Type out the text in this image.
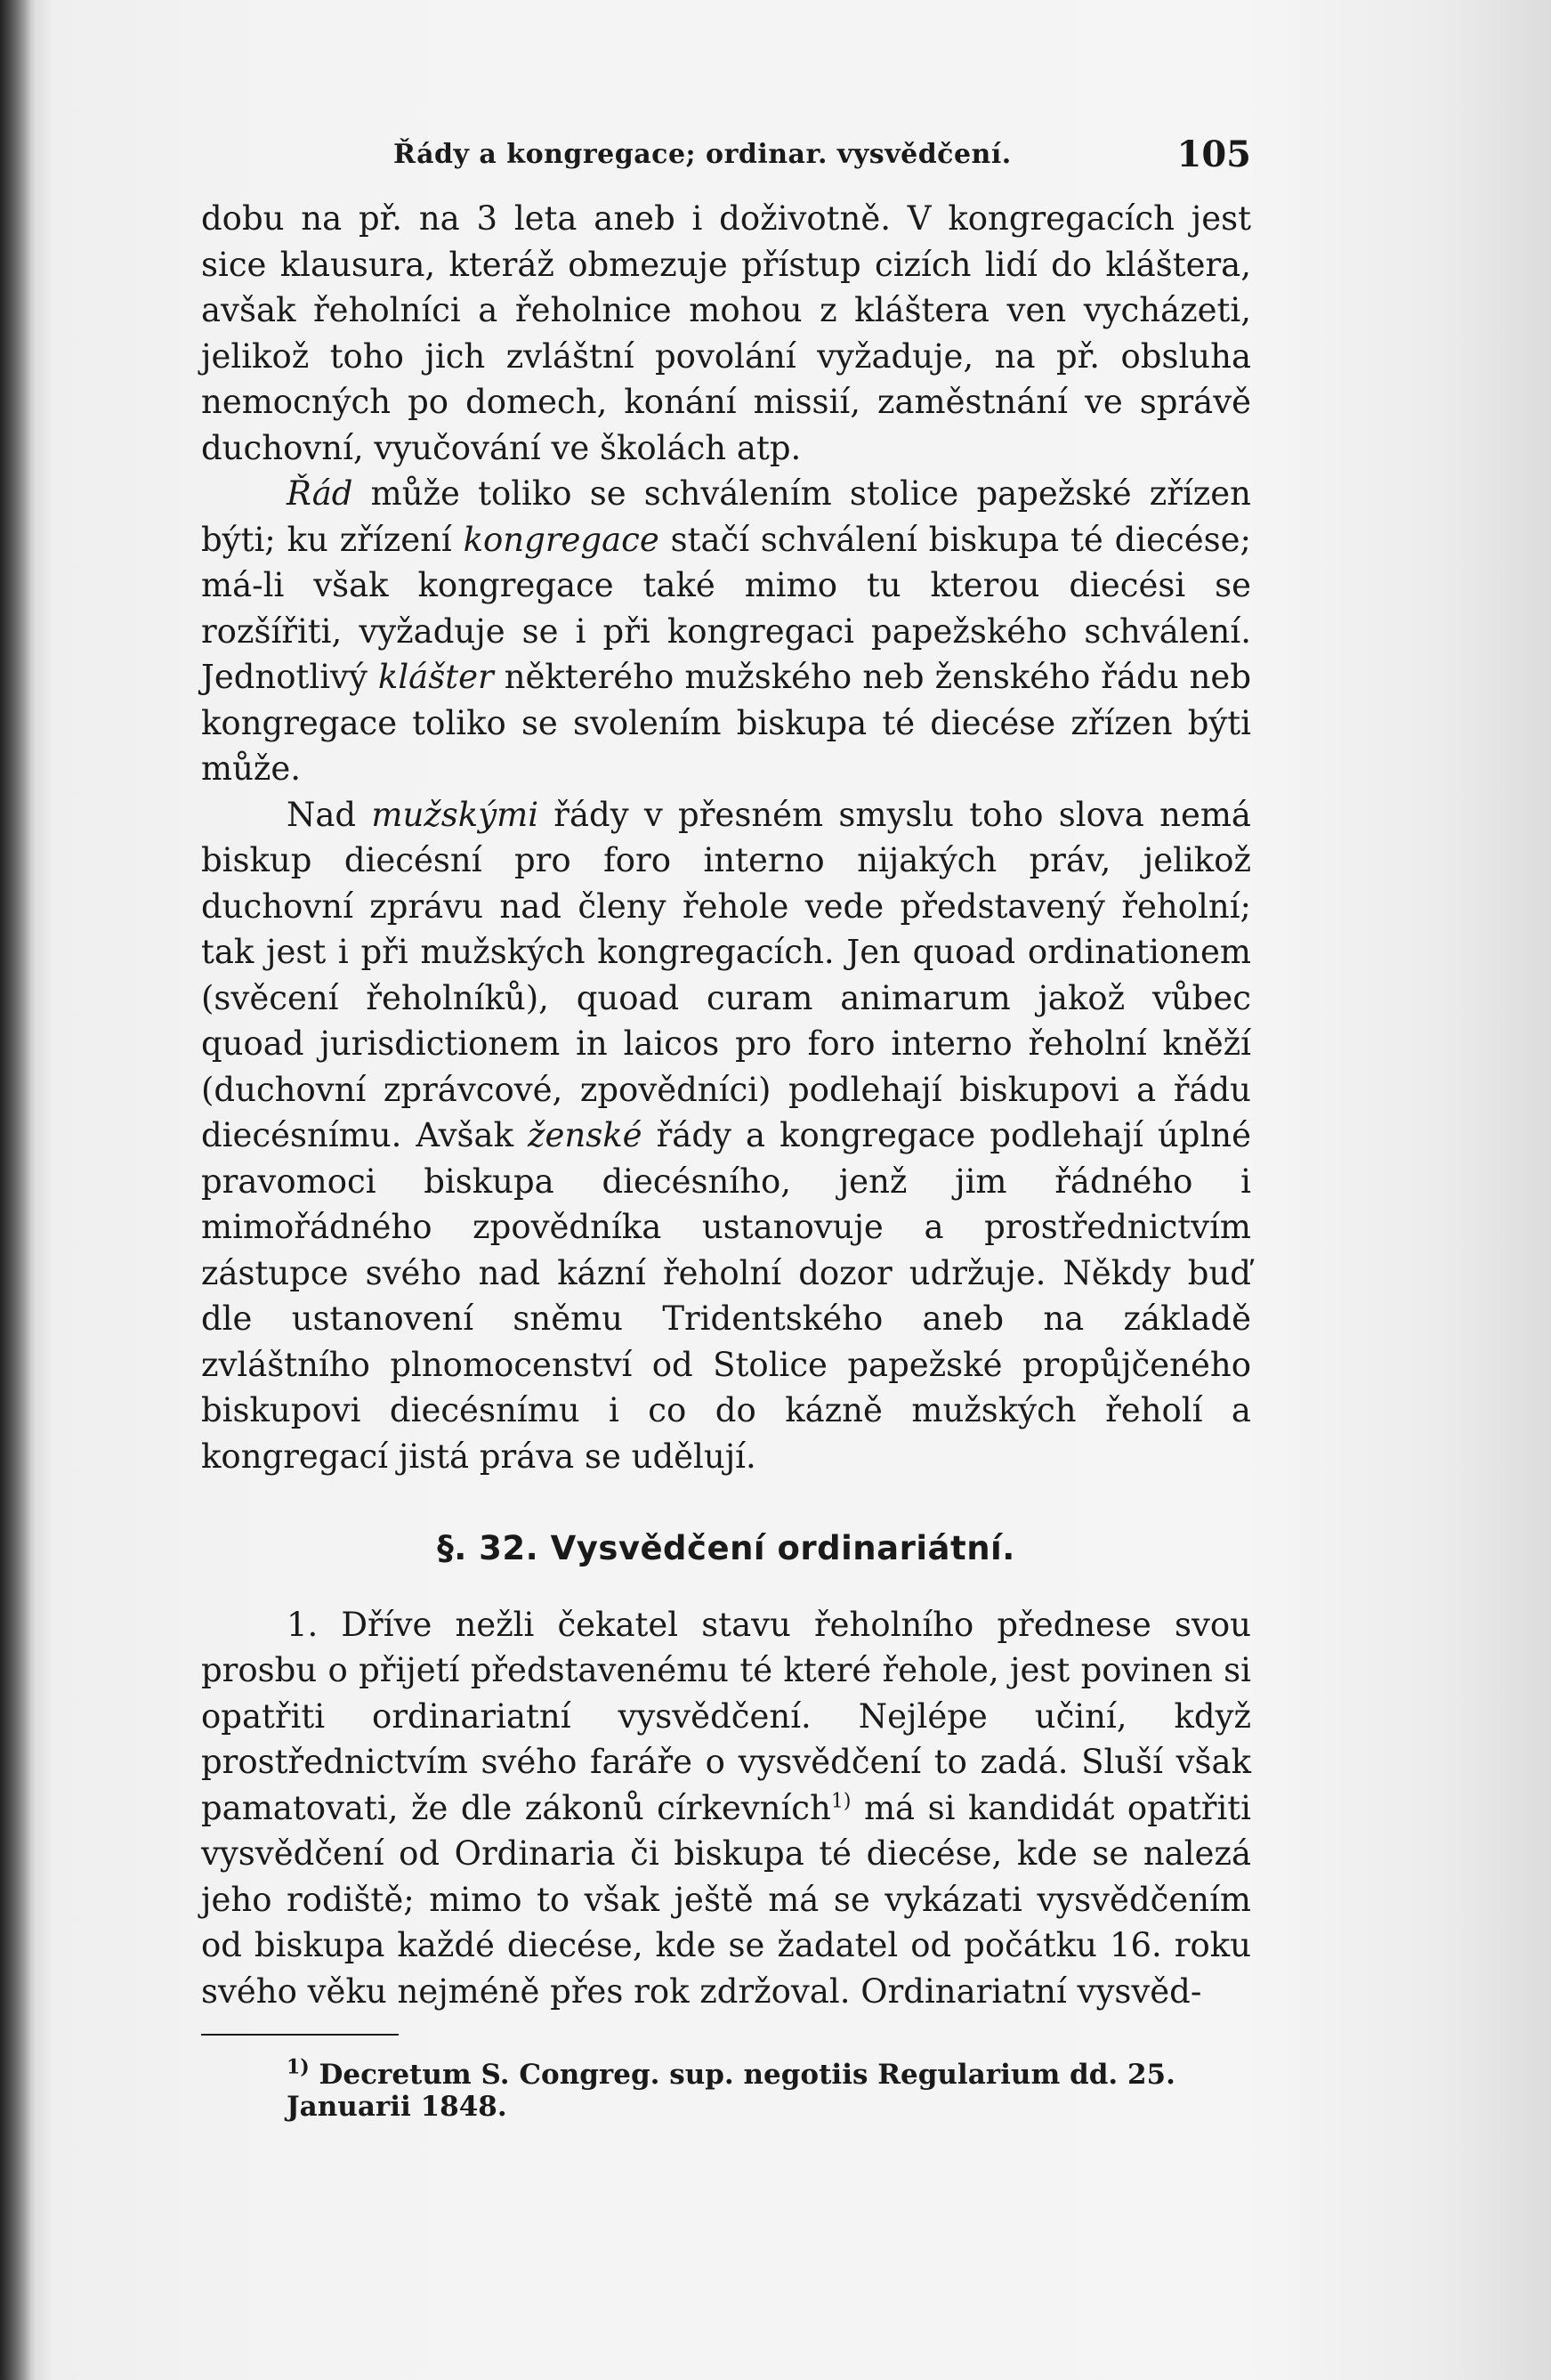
Řády a kongregace; ordinar. vysvědčení.	105

dobu na př. na 3 leta aneb i doživotně. V kongregacích jest sice klausura, kteráž obmezuje přístup cizích lidí do kláštera, avšak řeholníci a řeholnice mohou z kláštera ven vycházeti, jelikož toho jich zvláštní povolání vyžaduje, na př. obsluha nemocných po domech, konání missií, zaměstnání ve správě duchovní, vyučování ve školách atp.

Řád může toliko se schválením stolice papežské zřízen býti; ku zřízení kongregace stačí schválení biskupa té diecése; má-li však kongregace také mimo tu kterou diecési se rozšířiti, vyžaduje se i při kongregaci papežského schválení. Jednotlivý klášter některého mužského neb ženského řádu neb kongregace toliko se svolením biskupa té diecése zřízen býti může.

Nad mužskými řády v přesném smyslu toho slova nemá biskup diecésní pro foro interno nijakých práv, jelikož duchovní zprávu nad členy řehole vede představený řeholní; tak jest i při mužských kongregacích. Jen quoad ordinationem (svěcení řeholníků), quoad curam animarum jakož vůbec quoad jurisdictionem in laicos pro foro interno řeholní kněží (duchovní zprávcové, zpovědníci) podlehají biskupovi a řádu diecésnímu. Avšak ženské řády a kongregace podlehají úplné pravomoci biskupa diecésního, jenž jim řádného i mimořádného zpovědníka ustanovuje a prostřednictvím zástupce svého nad kázní řeholní dozor udržuje. Někdy buď dle ustanovení sněmu Tridentského aneb na základě zvláštního plnomocenství od Stolice papežské propůjčeného biskupovi diecésnímu i co do kázně mužských řeholí a kongregací jistá práva se udělují.

§. 32. Vysvědčení ordinariátní.

1. Dříve nežli čekatel stavu řeholního přednese svou prosbu o přijetí představenému té které řehole, jest povinen si opatřiti ordinariatní vysvědčení. Nejlépe učiní, když prostřednictvím svého faráře o vysvědčení to zadá. Sluší však pamatovati, že dle zákonů církevních$^{1)}$ má si kandidát opatřiti vysvědčení od Ordinaria či biskupa té diecése, kde se nalezá jeho rodiště; mimo to však ještě má se vykázati vysvědčením od biskupa každé diecése, kde se žadatel od počátku 16. roku svého věku nejméně přes rok zdržoval. Ordinariatní vysvěd-

$^{1)}$ Decretum S. Congreg. sup. negotiis Regularium dd. 25. Januarii 1848.
